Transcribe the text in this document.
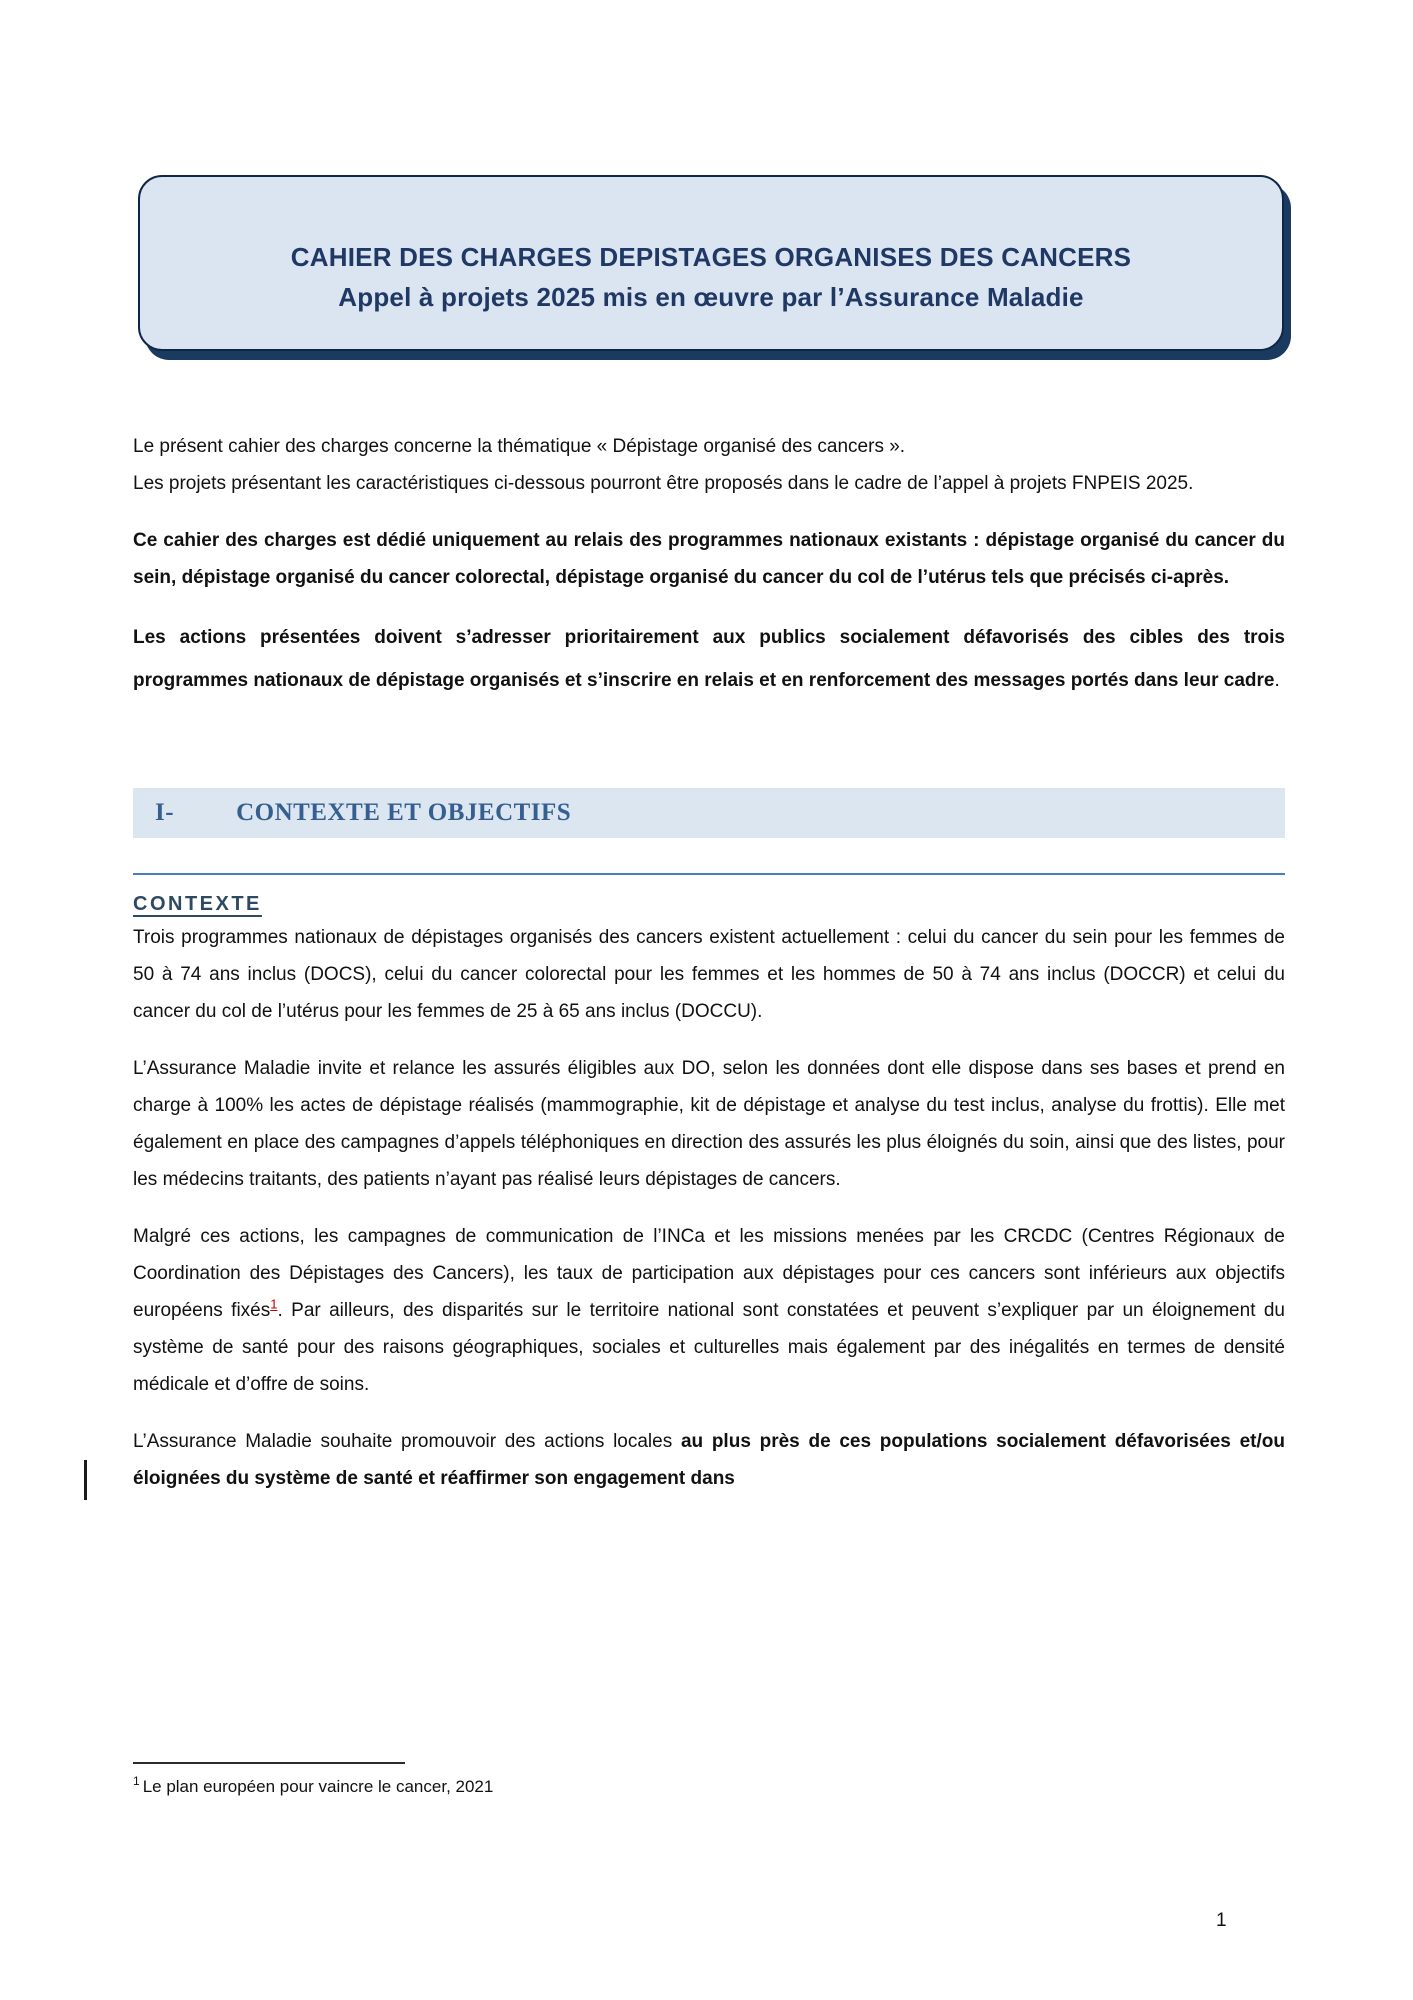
CAHIER DES CHARGES DEPISTAGES ORGANISES DES CANCERS
Appel à projets 2025 mis en œuvre par l’Assurance Maladie

Le présent cahier des charges concerne la thématique « Dépistage organisé des cancers ».
Les projets présentant les caractéristiques ci-dessous pourront être proposés dans le cadre de l’appel à projets FNPEIS 2025.

Ce cahier des charges est dédié uniquement au relais des programmes nationaux existants : dépistage organisé du cancer du sein, dépistage organisé du cancer colorectal, dépistage organisé du cancer du col de l’utérus tels que précisés ci-après.

Les actions présentées doivent s’adresser prioritairement aux publics socialement défavorisés des cibles des trois programmes nationaux de dépistage organisés et s’inscrire en relais et en renforcement des messages portés dans leur cadre.

I- CONTEXTE ET OBJECTIFS
CONTEXTE

Trois programmes nationaux de dépistages organisés des cancers existent actuellement : celui du cancer du sein pour les femmes de 50 à 74 ans inclus (DOCS), celui du cancer colorectal pour les femmes et les hommes de 50 à 74 ans inclus (DOCCR) et celui du cancer du col de l’utérus pour les femmes de 25 à 65 ans inclus (DOCCU).

L’Assurance Maladie invite et relance les assurés éligibles aux DO, selon les données dont elle dispose dans ses bases et prend en charge à 100% les actes de dépistage réalisés (mammographie, kit de dépistage et analyse du test inclus, analyse du frottis). Elle met également en place des campagnes d’appels téléphoniques en direction des assurés les plus éloignés du soin, ainsi que des listes, pour les médecins traitants, des patients n’ayant pas réalisé leurs dépistages de cancers.

Malgré ces actions, les campagnes de communication de l’INCa et les missions menées par les CRCDC (Centres Régionaux de Coordination des Dépistages des Cancers), les taux de participation aux dépistages pour ces cancers sont inférieurs aux objectifs européens fixés$^1$. Par ailleurs, des disparités sur le territoire national sont constatées et peuvent s’expliquer par un éloignement du système de santé pour des raisons géographiques, sociales et culturelles mais également par des inégalités en termes de densité médicale et d’offre de soins.

L’Assurance Maladie souhaite promouvoir des actions locales au plus près de ces populations socialement défavorisées et/ou éloignées du système de santé et réaffirmer son engagement dans

$^1$ Le plan européen pour vaincre le cancer, 2021
1
